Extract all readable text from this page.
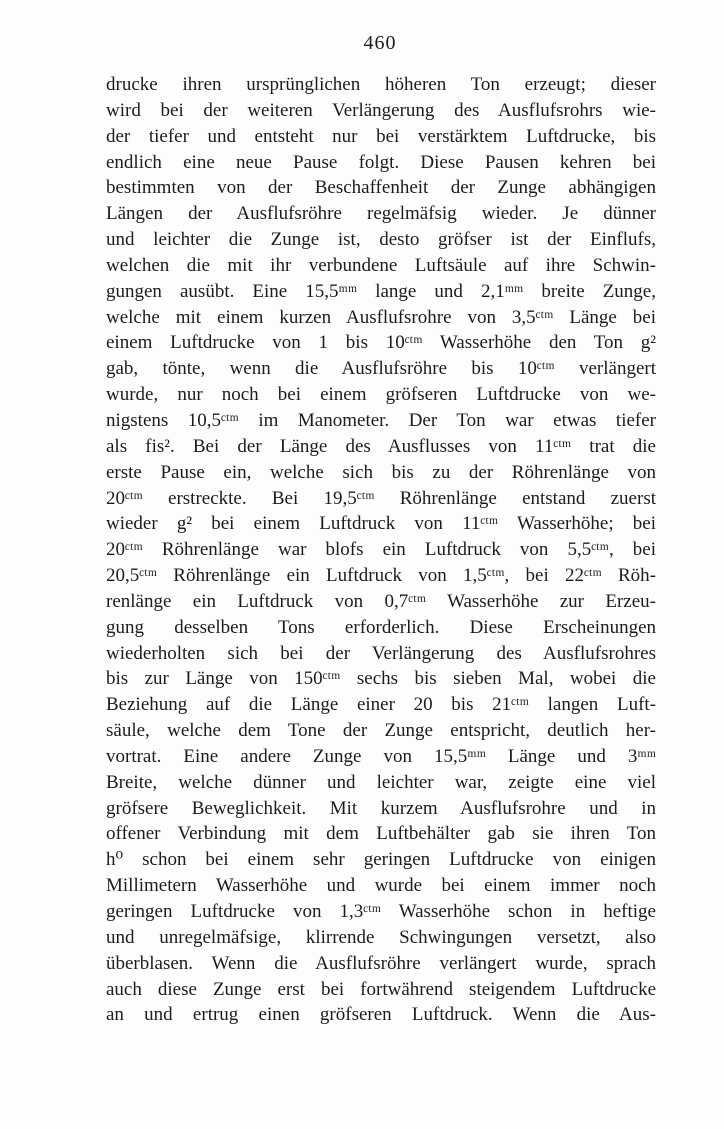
460
drucke ihren ursprünglichen höheren Ton erzeugt; dieser
wird bei der weiteren Verlängerung des Ausflufsrohrs wie-
der tiefer und entsteht nur bei verstärktem Luftdrucke, bis
endlich eine neue Pause folgt. Diese Pausen kehren bei
bestimmten von der Beschaffenheit der Zunge abhängigen
Längen der Ausflufsröhre regelmäfsig wieder. Je dünner
und leichter die Zunge ist, desto gröfser ist der Einflufs,
welchen die mit ihr verbundene Luftsäule auf ihre Schwin-
gungen ausübt. Eine 15,5ᵐᵐ lange und 2,1ᵐᵐ breite Zunge,
welche mit einem kurzen Ausflufsrohre von 3,5ᶜᵗᵐ Länge bei
einem Luftdrucke von 1 bis 10ᶜᵗᵐ Wasserhöhe den Ton g²
gab, tönte, wenn die Ausflufsröhre bis 10ᶜᵗᵐ verlängert
wurde, nur noch bei einem gröfseren Luftdrucke von we-
nigstens 10,5ᶜᵗᵐ im Manometer. Der Ton war etwas tiefer
als fis². Bei der Länge des Ausflusses von 11ᶜᵗᵐ trat die
erste Pause ein, welche sich bis zu der Röhrenlänge von
20ᶜᵗᵐ erstreckte. Bei 19,5ᶜᵗᵐ Röhrenlänge entstand zuerst
wieder g² bei einem Luftdruck von 11ᶜᵗᵐ Wasserhöhe; bei
20ᶜᵗᵐ Röhrenlänge war blofs ein Luftdruck von 5,5ᶜᵗᵐ, bei
20,5ᶜᵗᵐ Röhrenlänge ein Luftdruck von 1,5ᶜᵗᵐ, bei 22ᶜᵗᵐ Röh-
renlänge ein Luftdruck von 0,7ᶜᵗᵐ Wasserhöhe zur Erzeu-
gung desselben Tons erforderlich. Diese Erscheinungen
wiederholten sich bei der Verlängerung des Ausflufsrohres
bis zur Länge von 150ᶜᵗᵐ sechs bis sieben Mal, wobei die
Beziehung auf die Länge einer 20 bis 21ᶜᵗᵐ langen Luft-
säule, welche dem Tone der Zunge entspricht, deutlich her-
vortrat. Eine andere Zunge von 15,5ᵐᵐ Länge und 3ᵐᵐ
Breite, welche dünner und leichter war, zeigte eine viel
gröfsere Beweglichkeit. Mit kurzem Ausflufsrohre und in
offener Verbindung mit dem Luftbehälter gab sie ihren Ton
h⁰ schon bei einem sehr geringen Luftdrucke von einigen
Millimetern Wasserhöhe und wurde bei einem immer noch
geringen Luftdrucke von 1,3ᶜᵗᵐ Wasserhöhe schon in heftige
und unregelmäfsige, klirrende Schwingungen versetzt, also
überblasen. Wenn die Ausflufsröhre verlängert wurde, sprach
auch diese Zunge erst bei fortwährend steigendem Luftdrucke
an und ertrug einen gröfseren Luftdruck. Wenn die Aus-
